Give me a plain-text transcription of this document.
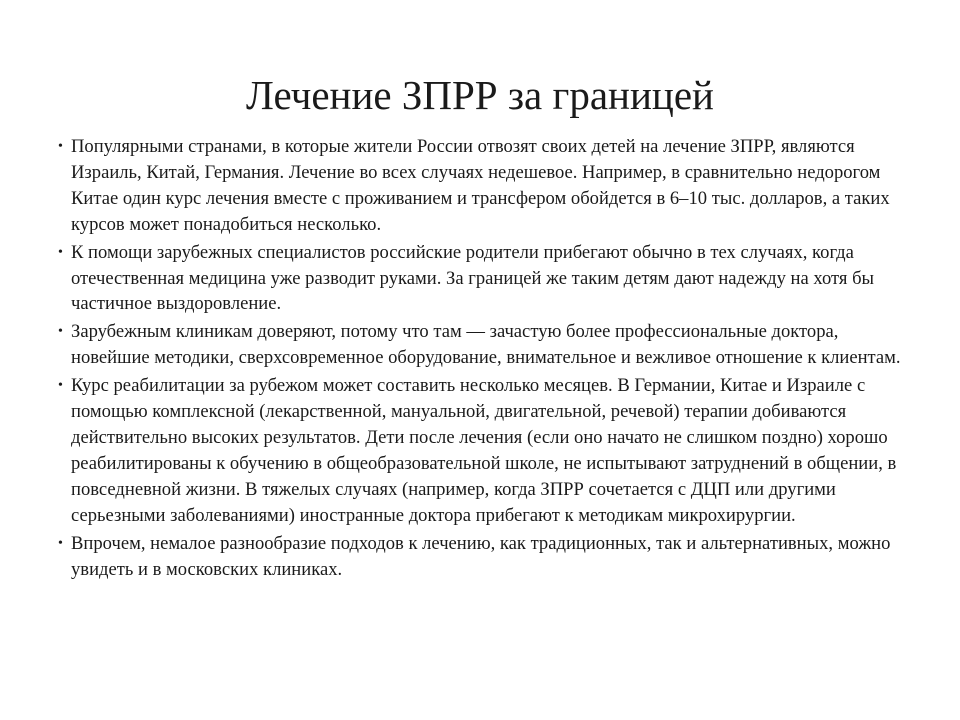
Лечение ЗПРР за границей
• Популярными странами, в которые жители России отвозят своих детей на лечение ЗПРР, являются Израиль, Китай, Германия. Лечение во всех случаях недешевое. Например, в сравнительно недорогом Китае один курс лечения вместе с проживанием и трансфером обойдется в 6–10 тыс. долларов, а таких курсов может понадобиться несколько.
• К помощи зарубежных специалистов российские родители прибегают обычно в тех случаях, когда отечественная медицина уже разводит руками. За границей же таким детям дают надежду на хотя бы частичное выздоровление.
• Зарубежным клиникам доверяют, потому что там — зачастую более профессиональные доктора, новейшие методики, сверхсовременное оборудование, внимательное и вежливое отношение к клиентам.
• Курс реабилитации за рубежом может составить несколько месяцев. В Германии, Китае и Израиле с помощью комплексной (лекарственной, мануальной, двигательной, речевой) терапии добиваются действительно высоких результатов. Дети после лечения (если оно начато не слишком поздно) хорошо реабилитированы к обучению в общеобразовательной школе, не испытывают затруднений в общении, в повседневной жизни. В тяжелых случаях (например, когда ЗПРР сочетается с ДЦП или другими серьезными заболеваниями) иностранные доктора прибегают к методикам микрохирургии.
• Впрочем, немалое разнообразие подходов к лечению, как традиционных, так и альтернативных, можно увидеть и в московских клиниках.
